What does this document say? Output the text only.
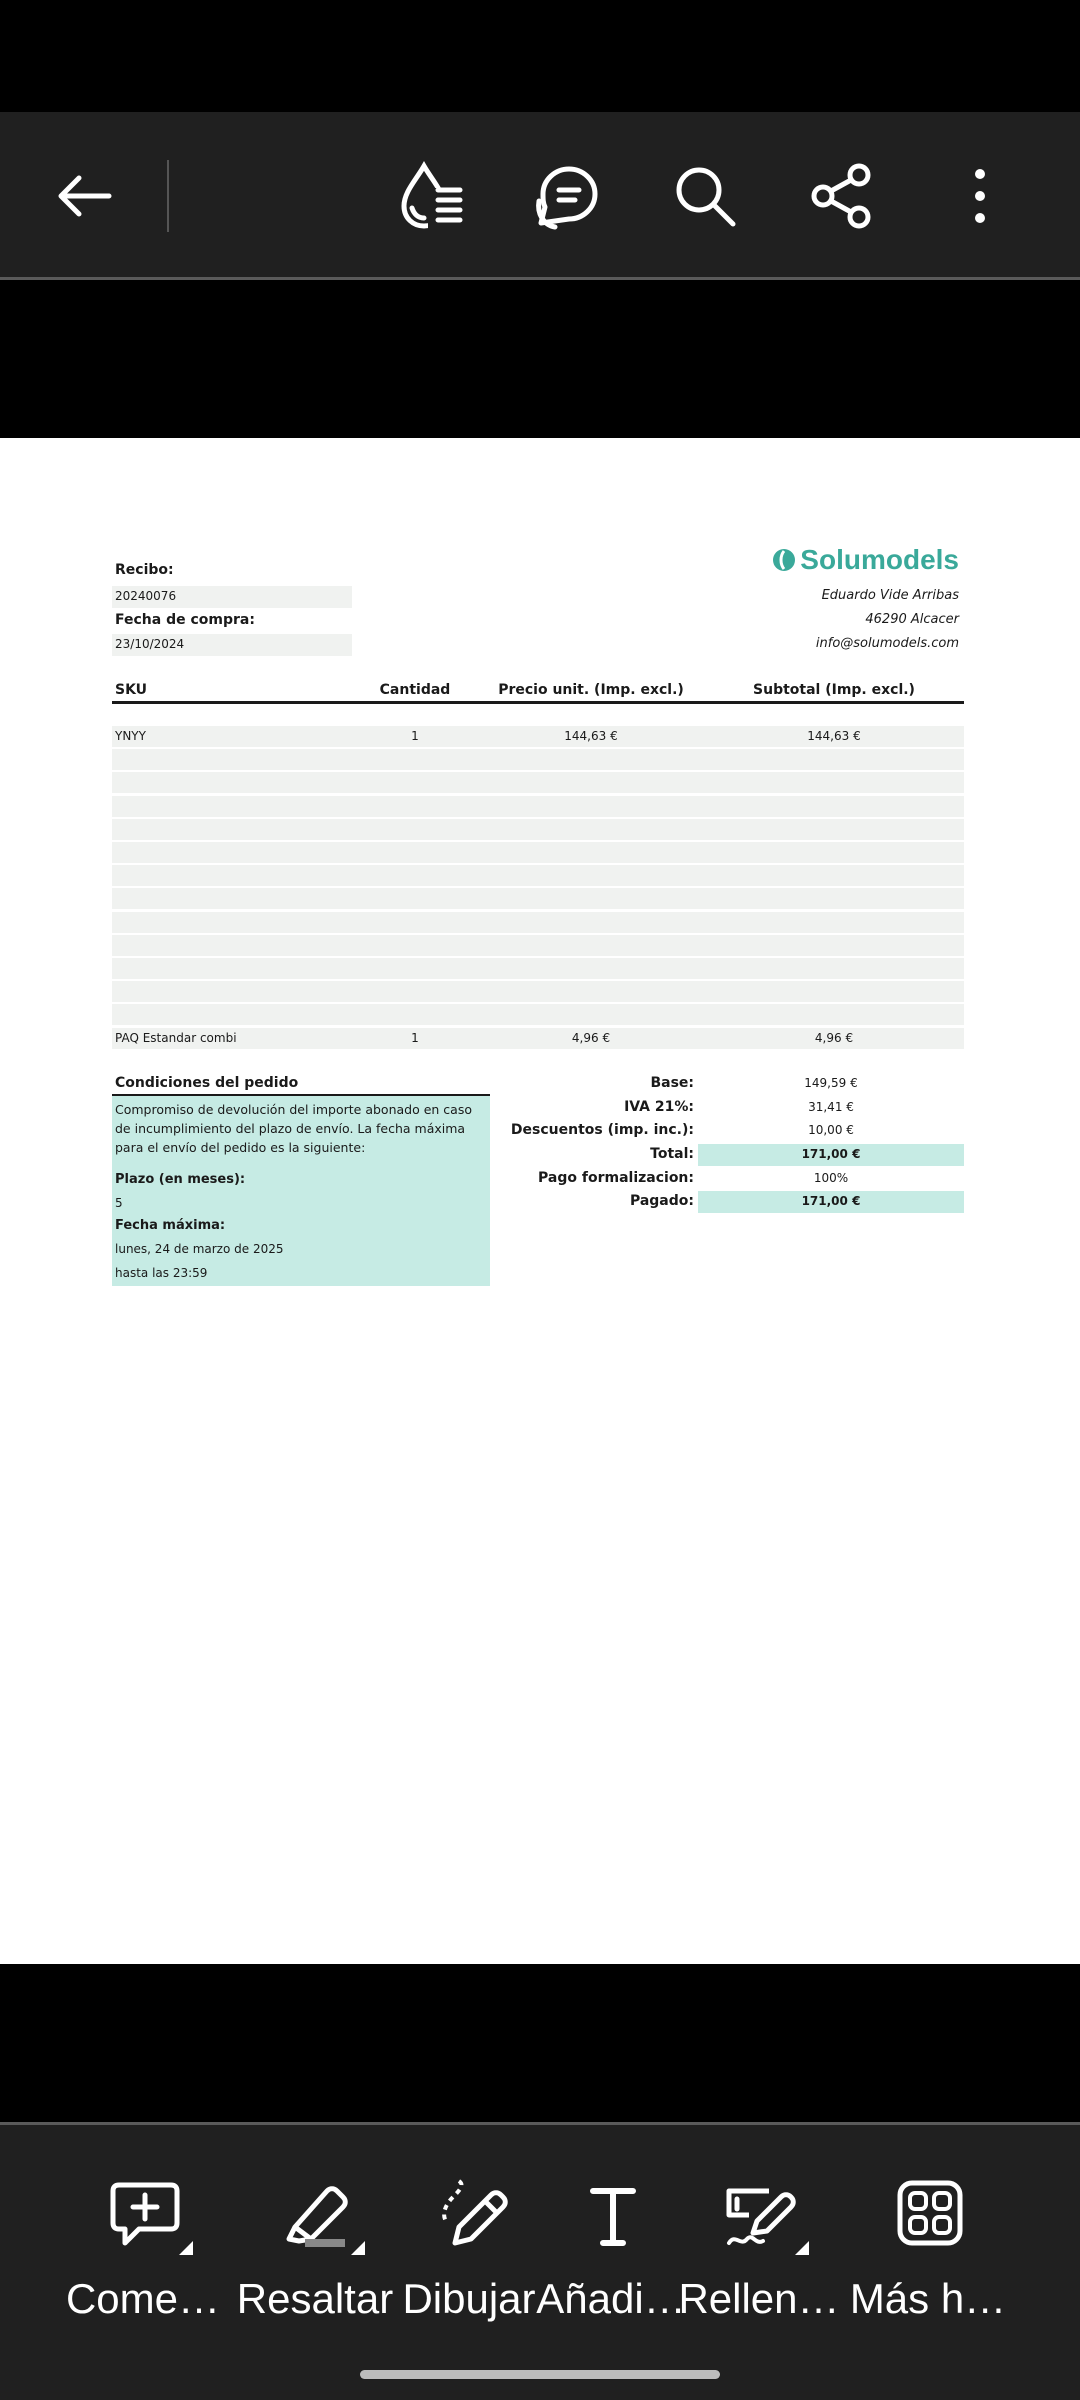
Recibo:
20240076
Fecha de compra:
23/10/2024
Solumodels
Eduardo Vide Arribas
46290 Alcacer
info@solumodels.com
SKU	Cantidad	Precio unit. (Imp. excl.)	Subtotal (Imp. excl.)
YNYY	1	144,63 €	144,63 €
PAQ Estandar combi	1	4,96 €	4,96 €
Condiciones del pedido
Compromiso de devolución del importe abonado en caso de incumplimiento del plazo de envío. La fecha máxima para el envío del pedido es la siguiente:
Plazo (en meses):
5
Fecha máxima:
lunes, 24 de marzo de 2025
hasta las 23:59
Base:	149,59 €
IVA 21%:	31,41 €
Descuentos (imp. inc.):	10,00 €
Total:	171,00 €
Pago formalizacion:	100%
Pagado:	171,00 €
Come… Resaltar Dibujar Añadi…
Rellen… Más h…
